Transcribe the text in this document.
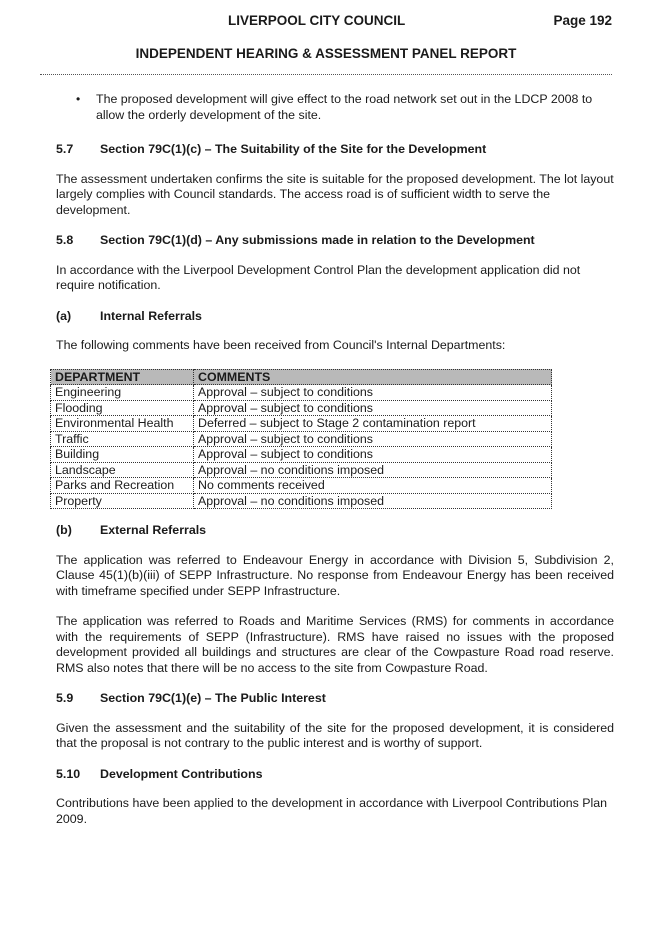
LIVERPOOL CITY COUNCIL	Page 192
INDEPENDENT HEARING & ASSESSMENT PANEL REPORT
• The proposed development will give effect to the road network set out in the LDCP 2008 to allow the orderly development of the site.
5.7 Section 79C(1)(c) – The Suitability of the Site for the Development

The assessment undertaken confirms the site is suitable for the proposed development. The lot layout largely complies with Council standards. The access road is of sufficient width to serve the development.

5.8 Section 79C(1)(d) – Any submissions made in relation to the Development

In accordance with the Liverpool Development Control Plan the development application did not require notification.

(a) Internal Referrals

The following comments have been received from Council's Internal Departments:

DEPARTMENT	COMMENTS
Engineering	Approval – subject to conditions
Flooding	Approval – subject to conditions
Environmental Health	Deferred – subject to Stage 2 contamination report
Traffic	Approval – subject to conditions
Building	Approval – subject to conditions
Landscape	Approval – no conditions imposed
Parks and Recreation	No comments received
Property	Approval – no conditions imposed
(b) External Referrals

The application was referred to Endeavour Energy in accordance with Division 5, Subdivision 2, Clause 45(1)(b)(iii) of SEPP Infrastructure. No response from Endeavour Energy has been received with timeframe specified under SEPP Infrastructure.

The application was referred to Roads and Maritime Services (RMS) for comments in accordance with the requirements of SEPP (Infrastructure). RMS have raised no issues with the proposed development provided all buildings and structures are clear of the Cowpasture Road road reserve. RMS also notes that there will be no access to the site from Cowpasture Road.

5.9 Section 79C(1)(e) – The Public Interest

Given the assessment and the suitability of the site for the proposed development, it is considered that the proposal is not contrary to the public interest and is worthy of support.

5.10 Development Contributions

Contributions have been applied to the development in accordance with Liverpool Contributions Plan 2009.
